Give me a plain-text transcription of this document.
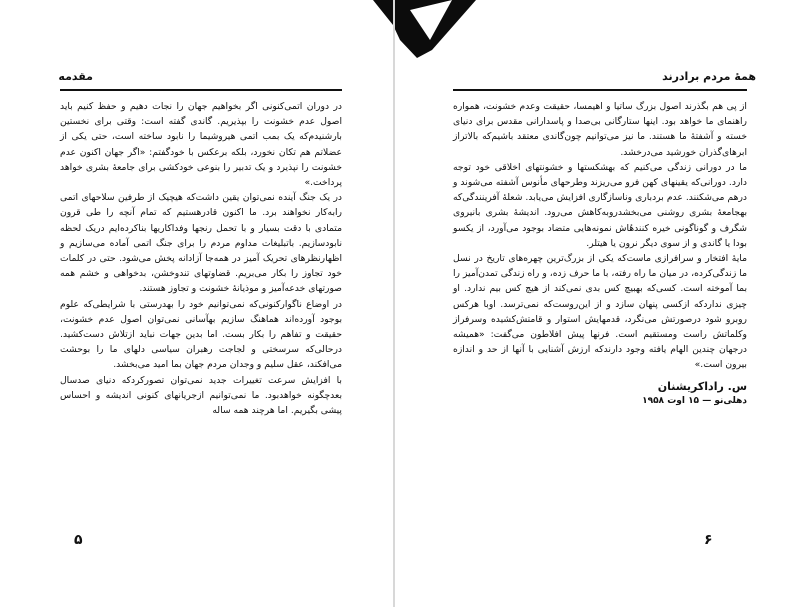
مقدمه

در دوران اتمی‌کنونی اگر بخواهیم جهان را نجات دهیم و حفظ کنیم باید اصول عدم خشونت را بپذیریم. گاندی گفته است: وقتی برای نخستین بارشنیدم‌که یک بمب اتمی هیروشیما را نابود ساخته است، حتی یکی از عضلاتم هم تکان نخورد، بلکه برعکس با خودگفتم: «اگر جهان اکنون عدم خشونت را نپذیرد و یک تدبیر را بنوعی خودکشی برای جامعهٔ بشری خواهد پرداخت.»

در یک جنگ آینده نمی‌توان یقین داشت‌که هیچیک از طرفین سلاحهای اتمی رابه‌کار نخواهند برد. ما اکنون قادرهستیم که تمام آنچه را طی قرون متمادی با دقت بسیار و با تحمل رنجها وفداکاریها بناکرده‌ایم دریک لحظه نابودسازیم. باتبلیغات مداوم مردم را برای جنگ اتمی آماده می‌سازیم و اظهارنظرهای تحریک آمیز در همه‌جا آزادانه پخش می‌شود. حتی در کلمات خود تجاوز را بکار می‌بریم. قضاوتهای تندوخشن، بدخواهی و خشم همه صورتهای خدعه‌آمیز و موذیانهٔ خشونت و تجاوز هستند.

در اوضاع ناگوارکنونی‌که نمی‌توانیم خود را بهدرستی با شرایطی‌که علوم بوجود آورده‌اند هماهنگ سازیم بهآسانی نمی‌توان اصول عدم خشونت، حقیقت و تفاهم را بکار بست. اما بدین جهات نباید ازتلاش دست‌کشید. درحالی‌که سرسختی و لجاجت رهبران سیاسی دلهای ما را بوحشت می‌افکند، عقل سلیم و وجدان مردم جهان بما امید می‌بخشد.

با افزایش سرعت تغییرات جدید نمی‌توان تصورکردکه دنیای صدسال بعدچگونه خواهدبود. ما نمی‌توانیم ازجریانهای کنونی اندیشه و احساس پیشی بگیریم. اما هرچند همه ساله

۵
همهٔ مردم برادرند

از پی هم بگذرند اصول بزرگ ساتیا و اهیمسا، حقیقت وعدم خشونت، همواره راهنمای ما خواهد بود. اینها ستارگانی بی‌صدا و پاسدارانی مقدس برای دنیای خسته و آشفتهٔ ما هستند. ما نیز می‌توانیم چون‌گاندی معتقد باشیم‌که بالاتراز ابرهای‌گذران خورشید می‌درخشد.

ما در دورانی زندگی می‌کنیم که بهشکستها و خشونتهای اخلاقی خود توجه دارد. دورانی‌که یقینهای کهن فرو می‌ریزند وطرحهای مأنوس آشفته می‌شوند و درهم می‌شکنند. عدم بردباری وناسازگاری افزایش می‌یابد. شعلهٔ آفرینندگی‌که بهجامعهٔ بشری روشنی می‌بخشدروبه‌کاهش می‌رود. اندیشهٔ بشری بانیروی شگرف و گوناگونی خیره کنندهٔاش نمونه‌هایی متضاد بوجود می‌آورد، از یکسو بودا یا گاندی و از سوی دیگر نرون یا هیتلر.

مایهٔ افتخار و سرافرازی ماست‌که یکی از بزرگ‌ترین چهره‌های تاریخ در نسل ما زندگی‌کرده، در میان ما راه رفته، با ما حرف زده، و راه زندگی تمدن‌آمیز را بما آموخته است. کسی‌که بهبیچ کس بدی نمی‌کند از هیچ کس بیم ندارد. او چیزی ندارد‌که ازکسی پنهان سازد و از این‌روست‌که نمی‌ترسد. اوبا هرکس روبرو شود درصورتش می‌نگرد، قدمهایش استوار و قامتش‌کشیده وسرفراز وکلماتش راست ومستقیم است. فرنها پیش افلاطون می‌گفت: «همیشه درجهان چندین الهام یافته وجود دارندکه ارزش آشنایی با آنها از حد و اندازه بیرون است.»

س. راداکریشنان
دهلی‌نو — ۱۵ اوت ۱۹۵۸
۶
